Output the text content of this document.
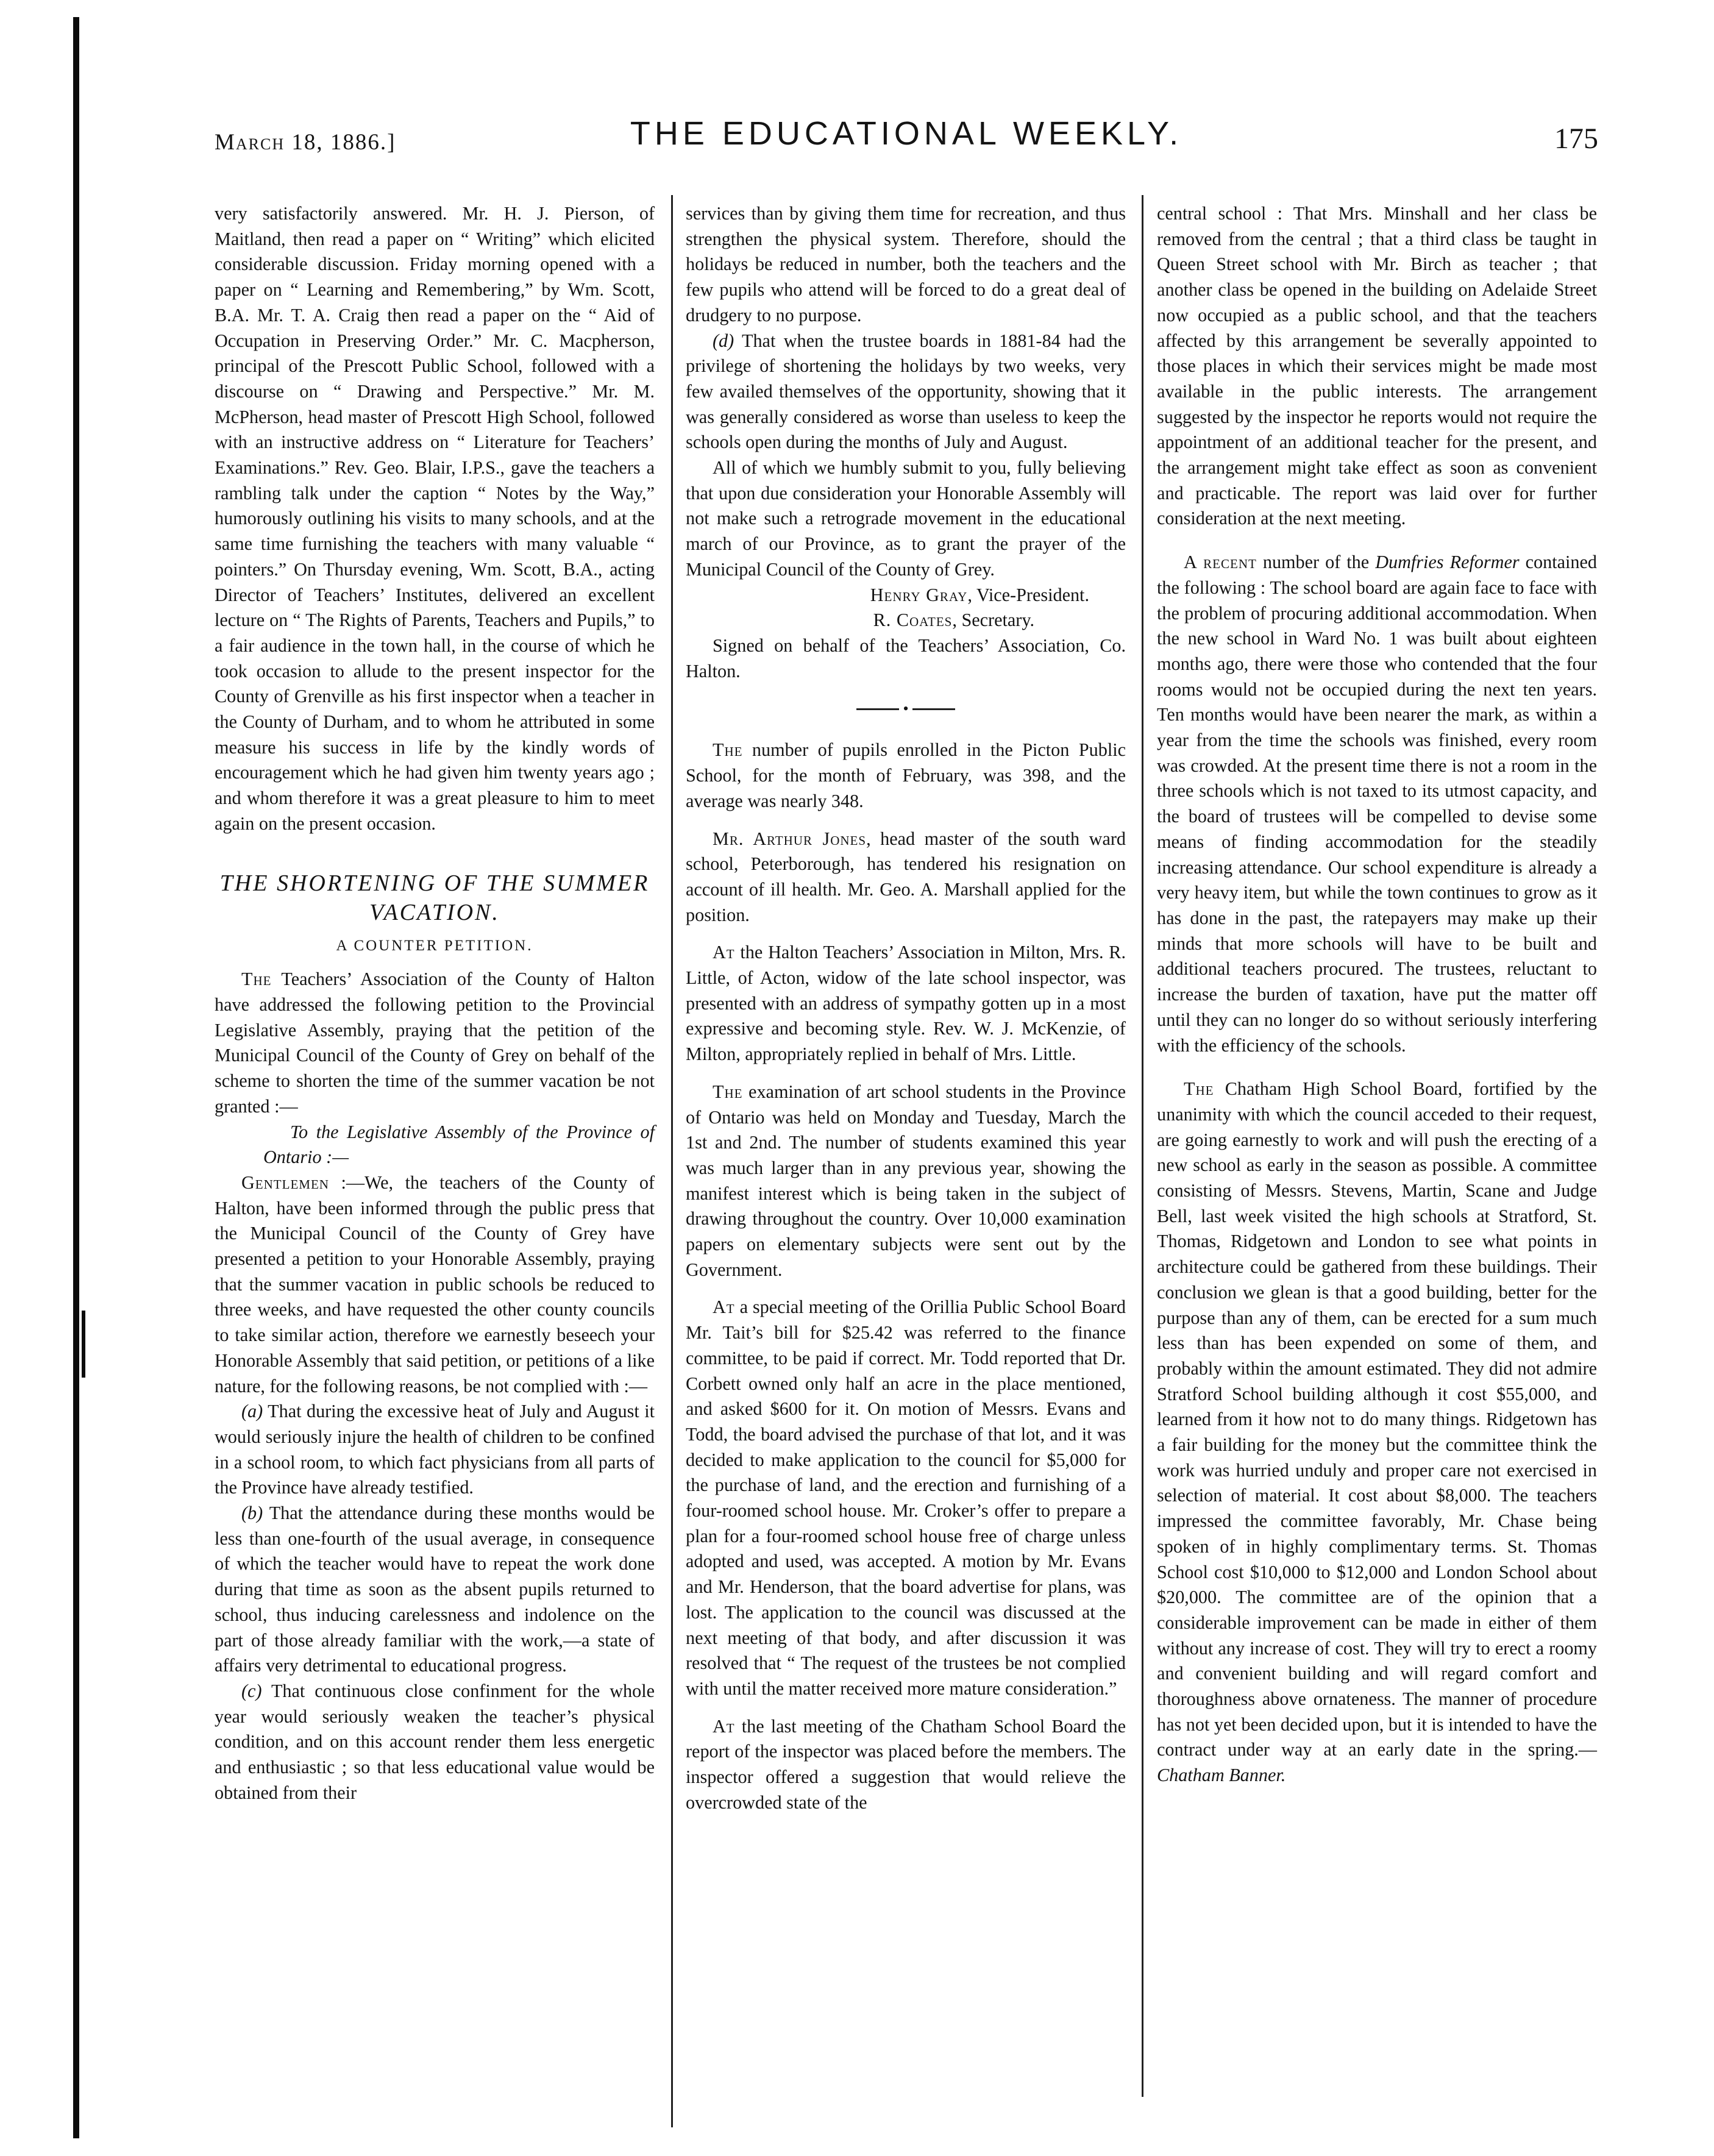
March 18, 1886.]	THE EDUCATIONAL WEEKLY.	175

very satisfactorily answered. Mr. H. J. Pierson, of Maitland, then read a paper on “ Writing” which elicited considerable discussion. Friday morning opened with a paper on “ Learning and Remembering,” by Wm. Scott, B.A. Mr. T. A. Craig then read a paper on the “ Aid of Occupation in Preserving Order.” Mr. C. Macpherson, principal of the Prescott Public School, followed with a discourse on “ Drawing and Perspective.” Mr. M. McPherson, head master of Prescott High School, followed with an instructive address on “ Literature for Teachers’ Examinations.” Rev. Geo. Blair, I.P.S., gave the teachers a rambling talk under the caption “ Notes by the Way,” humorously outlining his visits to many schools, and at the same time furnishing the teachers with many valuable “ pointers.” On Thursday evening, Wm. Scott, B.A., acting Director of Teachers’ Institutes, delivered an excellent lecture on “ The Rights of Parents, Teachers and Pupils,” to a fair audience in the town hall, in the course of which he took occasion to allude to the present inspector for the County of Grenville as his first inspector when a teacher in the County of Durham, and to whom he attributed in some measure his success in life by the kindly words of encouragement which he had given him twenty years ago ; and whom therefore it was a great pleasure to him to meet again on the present occasion.

THE SHORTENING OF THE SUMMER VACATION.
A COUNTER PETITION.

The Teachers’ Association of the County of Halton have addressed the following petition to the Provincial Legislative Assembly, praying that the petition of the Municipal Council of the County of Grey on behalf of the scheme to shorten the time of the summer vacation be not granted :—

To the Legislative Assembly of the Province of Ontario :—

Gentlemen :—We, the teachers of the County of Halton, have been informed through the public press that the Municipal Council of the County of Grey have presented a petition to your Honorable Assembly, praying that the summer vacation in public schools be reduced to three weeks, and have requested the other county councils to take similar action, therefore we earnestly beseech your Honorable Assembly that said petition, or petitions of a like nature, for the following reasons, be not complied with :—

(a) That during the excessive heat of July and August it would seriously injure the health of children to be confined in a school room, to which fact physicians from all parts of the Province have already testified.

(b) That the attendance during these months would be less than one-fourth of the usual average, in consequence of which the teacher would have to repeat the work done during that time as soon as the absent pupils returned to school, thus inducing carelessness and indolence on the part of those already familiar with the work,—a state of affairs very detrimental to educational progress.

(c) That continuous close confinment for the whole year would seriously weaken the teacher’s physical condition, and on this account render them less energetic and enthusiastic ; so that less educational value would be obtained from their

services than by giving them time for recreation, and thus strengthen the physical system. Therefore, should the holidays be reduced in number, both the teachers and the few pupils who attend will be forced to do a great deal of drudgery to no purpose.

(d) That when the trustee boards in 1881-84 had the privilege of shortening the holidays by two weeks, very few availed themselves of the opportunity, showing that it was generally considered as worse than useless to keep the schools open during the months of July and August.

All of which we humbly submit to you, fully believing that upon due consideration your Honorable Assembly will not make such a retrograde movement in the educational march of our Province, as to grant the prayer of the Municipal Council of the County of Grey.

Henry Gray, Vice-President.

R. Coates, Secretary.

Signed on behalf of the Teachers’ Association, Co. Halton.

•

The number of pupils enrolled in the Picton Public School, for the month of February, was 398, and the average was nearly 348.

Mr. Arthur Jones, head master of the south ward school, Peterborough, has tendered his resignation on account of ill health. Mr. Geo. A. Marshall applied for the position.

At the Halton Teachers’ Association in Milton, Mrs. R. Little, of Acton, widow of the late school inspector, was presented with an address of sympathy gotten up in a most expressive and becoming style. Rev. W. J. McKenzie, of Milton, appropriately replied in behalf of Mrs. Little.

The examination of art school students in the Province of Ontario was held on Monday and Tuesday, March the 1st and 2nd. The number of students examined this year was much larger than in any previous year, showing the manifest interest which is being taken in the subject of drawing throughout the country. Over 10,000 examination papers on elementary subjects were sent out by the Government.

At a special meeting of the Orillia Public School Board Mr. Tait’s bill for $25.42 was referred to the finance committee, to be paid if correct. Mr. Todd reported that Dr. Corbett owned only half an acre in the place mentioned, and asked $600 for it. On motion of Messrs. Evans and Todd, the board advised the purchase of that lot, and it was decided to make application to the council for $5,000 for the purchase of land, and the erection and furnishing of a four-roomed school house. Mr. Croker’s offer to prepare a plan for a four-roomed school house free of charge unless adopted and used, was accepted. A motion by Mr. Evans and Mr. Henderson, that the board advertise for plans, was lost. The application to the council was discussed at the next meeting of that body, and after discussion it was resolved that “ The request of the trustees be not complied with until the matter received more mature consideration.”

At the last meeting of the Chatham School Board the report of the inspector was placed before the members. The inspector offered a suggestion that would relieve the overcrowded state of the

central school : That Mrs. Minshall and her class be removed from the central ; that a third class be taught in Queen Street school with Mr. Birch as teacher ; that another class be opened in the building on Adelaide Street now occupied as a public school, and that the teachers affected by this arrangement be severally appointed to those places in which their services might be made most available in the public interests. The arrangement suggested by the inspector he reports would not require the appointment of an additional teacher for the present, and the arrangement might take effect as soon as convenient and practicable. The report was laid over for further consideration at the next meeting.

A recent number of the Dumfries Reformer contained the following : The school board are again face to face with the problem of procuring additional accommodation. When the new school in Ward No. 1 was built about eighteen months ago, there were those who contended that the four rooms would not be occupied during the next ten years. Ten months would have been nearer the mark, as within a year from the time the schools was finished, every room was crowded. At the present time there is not a room in the three schools which is not taxed to its utmost capacity, and the board of trustees will be compelled to devise some means of finding accommodation for the steadily increasing attendance. Our school expenditure is already a very heavy item, but while the town continues to grow as it has done in the past, the ratepayers may make up their minds that more schools will have to be built and additional teachers procured. The trustees, reluctant to increase the burden of taxation, have put the matter off until they can no longer do so without seriously interfering with the efficiency of the schools.

The Chatham High School Board, fortified by the unanimity with which the council acceded to their request, are going earnestly to work and will push the erecting of a new school as early in the season as possible. A committee consisting of Messrs. Stevens, Martin, Scane and Judge Bell, last week visited the high schools at Stratford, St. Thomas, Ridgetown and London to see what points in architecture could be gathered from these buildings. Their conclusion we glean is that a good building, better for the purpose than any of them, can be erected for a sum much less than has been expended on some of them, and probably within the amount estimated. They did not admire Stratford School building although it cost $55,000, and learned from it how not to do many things. Ridgetown has a fair building for the money but the committee think the work was hurried unduly and proper care not exercised in selection of material. It cost about $8,000. The teachers impressed the committee favorably, Mr. Chase being spoken of in highly complimentary terms. St. Thomas School cost $10,000 to $12,000 and London School about $20,000. The committee are of the opinion that a considerable improvement can be made in either of them without any increase of cost. They will try to erect a roomy and convenient building and will regard comfort and thoroughness above ornateness. The manner of procedure has not yet been decided upon, but it is intended to have the contract under way at an early date in the spring.—Chatham Banner.
